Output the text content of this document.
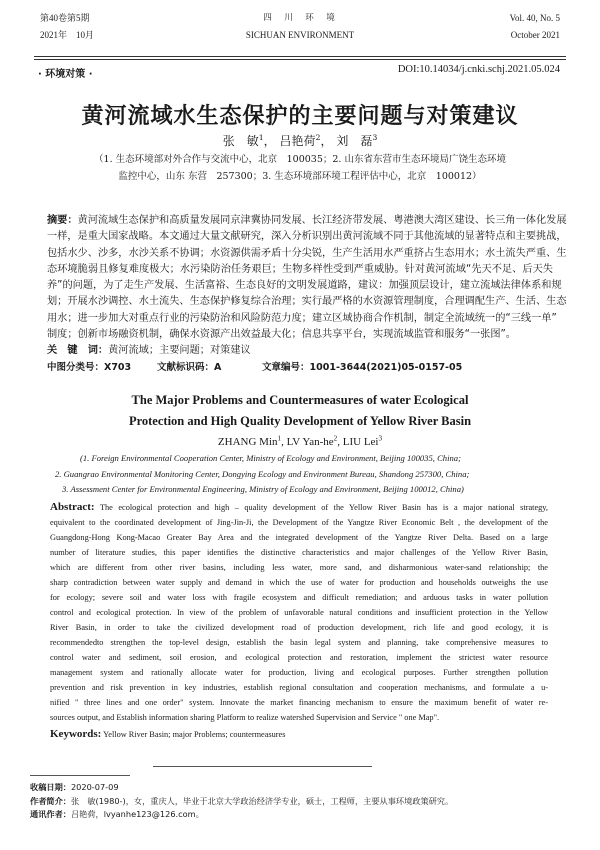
第40卷第5期
2021年　10月
四　川　环　境
SICHUAN ENVIRONMENT
Vol. 40, No. 5
October 2021
· 环境对策 ·	DOI:10.14034/j.cnki.schj.2021.05.024
黄河流域水生态保护的主要问题与对策建议
张　敏$^1$， 吕艳荷$^2$， 刘　磊$^3$
（1. 生态环境部对外合作与交流中心，北京　100035；2. 山东省东营市生态环境局广饶生态环境
监控中心，山东 东营　257300；3. 生态环境部环境工程评估中心，北京　100012）
摘要：黄河流域生态保护和高质量发展同京津冀协同发展、长江经济带发展、粤港澳大湾区建设、长三角一体化发展
一样，是重大国家战略。本文通过大量文献研究，深入分析识别出黄河流域不同于其他流域的显著特点和主要挑战，
包括水少、沙多，水沙关系不协调；水资源供需矛盾十分尖锐，生产生活用水严重挤占生态用水；水土流失严重、生
态环境脆弱且修复难度极大；水污染防治任务艰巨；生物多样性受到严重威胁。针对黄河流域“先天不足、后天失
养”的问题，为了走生产发展、生活富裕、生态良好的文明发展道路，建议：加强顶层设计，建立流域法律体系和规
划；开展水沙调控、水土流失、生态保护修复综合治理；实行最严格的水资源管理制度，合理调配生产、生活、生态
用水；进一步加大对重点行业的污染防治和风险防范力度；建立区域协商合作机制，制定全流域统一的“三线一单”
制度；创新市场融资机制，确保水资源产出效益最大化；信息共享平台，实现流域监管和服务“一张图”。
关　键　词：黄河流域；主要问题；对策建议
中图分类号：X703	文献标识码：A	文章编号：1001-3644(2021)05-0157-05
The Major Problems and Countermeasures of water Ecological
Protection and High Quality Development of Yellow River Basin
ZHANG Min$^1$, LV Yan-$he^2$, LIU Lei$^3$
(1. Foreign Environmental Cooperation Center, Ministry of Ecology and Environment, Beijing 100035, China;
2. Guangrao Environmental Monitoring Center, Dongying Ecology and Environment Bureau, Shandong 257300, China;
3. Assessment Center for Environmental Engineering, Ministry of Ecology and Environment, Beijing 100012, China)
Abstract: The ecological protection and high – quality development of the Yellow River Basin has is a major national strategy,
equivalent to the coordinated development of Jing-Jin-Ji, the Development of the Yangtze River Economic Belt , the development of the
Guangdong-Hong Kong-Macao Greater Bay Area and the integrated development of the Yangtze River Delta. Based on a large
number of literature studies, this paper identifies the distinctive characteristics and major challenges of the Yellow River Basin,
which are different from other river basins, including less water, more sand, and disharmonious water-sand relationship; the
sharp contradiction between water supply and demand in which the use of water for production and households outweighs the use
for ecology; severe soil and water loss with fragile ecosystem and difficult remediation; and arduous tasks in water pollution
control and ecological protection. In view of the problem of unfavorable natural conditions and insufficient protection in the Yellow
River Basin, in order to take the civilized development road of production development, rich life and good ecology, it is
recommendedto strengthen the top-level design, establish the basin legal system and planning, take comprehensive measures to
control water and sediment, soil erosion, and ecological protection and restoration, implement the strictest water resource
management system and rationally allocate water for production, living and ecological purposes. Further strengthen pollution
prevention and risk prevention in key industries, establish regional consultation and cooperation mechanisms, and formulate a u-
nified " three lines and one order" system. Innovate the market financing mechanism to ensure the maximum benefit of water re-
sources output, and Establish information sharing Platform to realize watershed Supervision and Service " one Map".
Keywords: Yellow River Basin; major Problems; countermeasures
收稿日期：2020-07-09
作者简介：张　敏(1980-)，女，重庆人，毕业于北京大学政治经济学专业，硕士，工程师，主要从事环境政策研究。
通讯作者：吕艳荷，lvyanhe123@126.com。
